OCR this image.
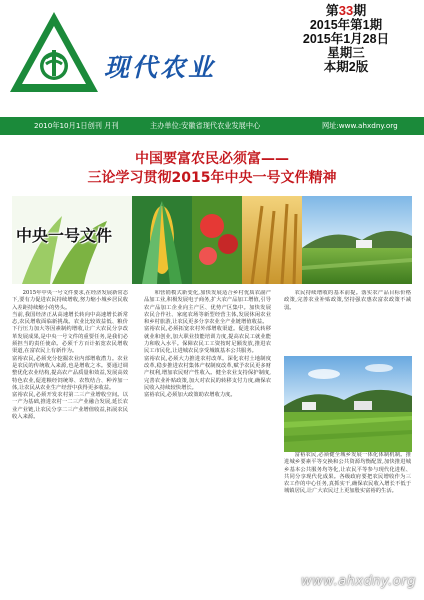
现代农业
第33期
2015年第1期
2015年1月28日
星期三
本期2版
2010年10月1日创刊 月刊	主办单位:安徽省现代农业发展中心	网址:www.ahxdny.org
中国要富农民必须富——
三论学习贯彻2015年中央一号文件精神
中央一号文件

2015年中央一号文件要求,在经济发展新常态下,要有力促进农民持续增收,努力缩小城乡居民收入差距持续缩小的势头。
当前,我国经济正从高速增长转向中高速增长新常态,农民增收面临新挑战。农业比较效益低、粮价下行压力加大等因素制约增收,让广大农民分享改革发展成果,是中央一号文件的重要任务,是我们必须担当的责任使命。必须千方百计拓宽农民增收渠道,在富农民上有新作为。
富裕农民,必须充分挖掘农业内部增收潜力。农业是农民的传统收入来源,也是增收之本。要通过调整优化农业结构,提高农产品质量和效益,发展高效特色农业,促进粮经饲统筹、农牧结合、种养加一体,让农民从农业生产经营中获得更多收益。
富裕农民,必须开发农村第二三产业增收空间。以一产为基础,推进农村一二三产业融合发展,延长农业产业链,让农民分享二三产业增值收益,拓展农民收入来源。

和营销模式新变化,加快发展适合乡村优质农副产品加工业,积极发展电子商务,扩大农产品加工增值,引导农产品加工企业向主产区、优势产区集中。加快发展农民合作社、家庭农场等新型经营主体,发展休闲农业和乡村旅游,让农民更多分享农业全产业链增值收益。
富裕农民,必须拓宽农村外部增收渠道。促进农民转移就业和创业,加大职业技能培训力度,提高农民工就业能力和收入水平。保障农民工工资按时足额发放,推进农民工市民化,让进城农民享受城镇基本公共服务。
富裕农民,必须大力推进农村改革。深化农村土地制度改革,稳步推进农村集体产权制度改革,赋予农民更多财产权利,增加农民财产性收入。健全农业支持保护制度,完善农业补贴政策,加大对农民的转移支付力度,确保农民收入持续较快增长。
富裕农民,必须加大政策助农增收力度。

农民持续增收的基本前提。落实农产品目标价格政策,完善农业补贴政策,坚持强农惠农富农政策不减弱。

富裕农民,必须健全城乡发展一体化体制机制。推进城乡要素平等交换和公共资源均衡配置,加快推进城乡基本公共服务均等化,让农民平等参与现代化进程、共同分享现代化成果。各级政府要把农民增收作为三农工作的中心任务,真抓实干,确保农民收入增长不低于城镇居民,让广大农民过上更加殷实富裕的生活。

www.ahxdny.org
